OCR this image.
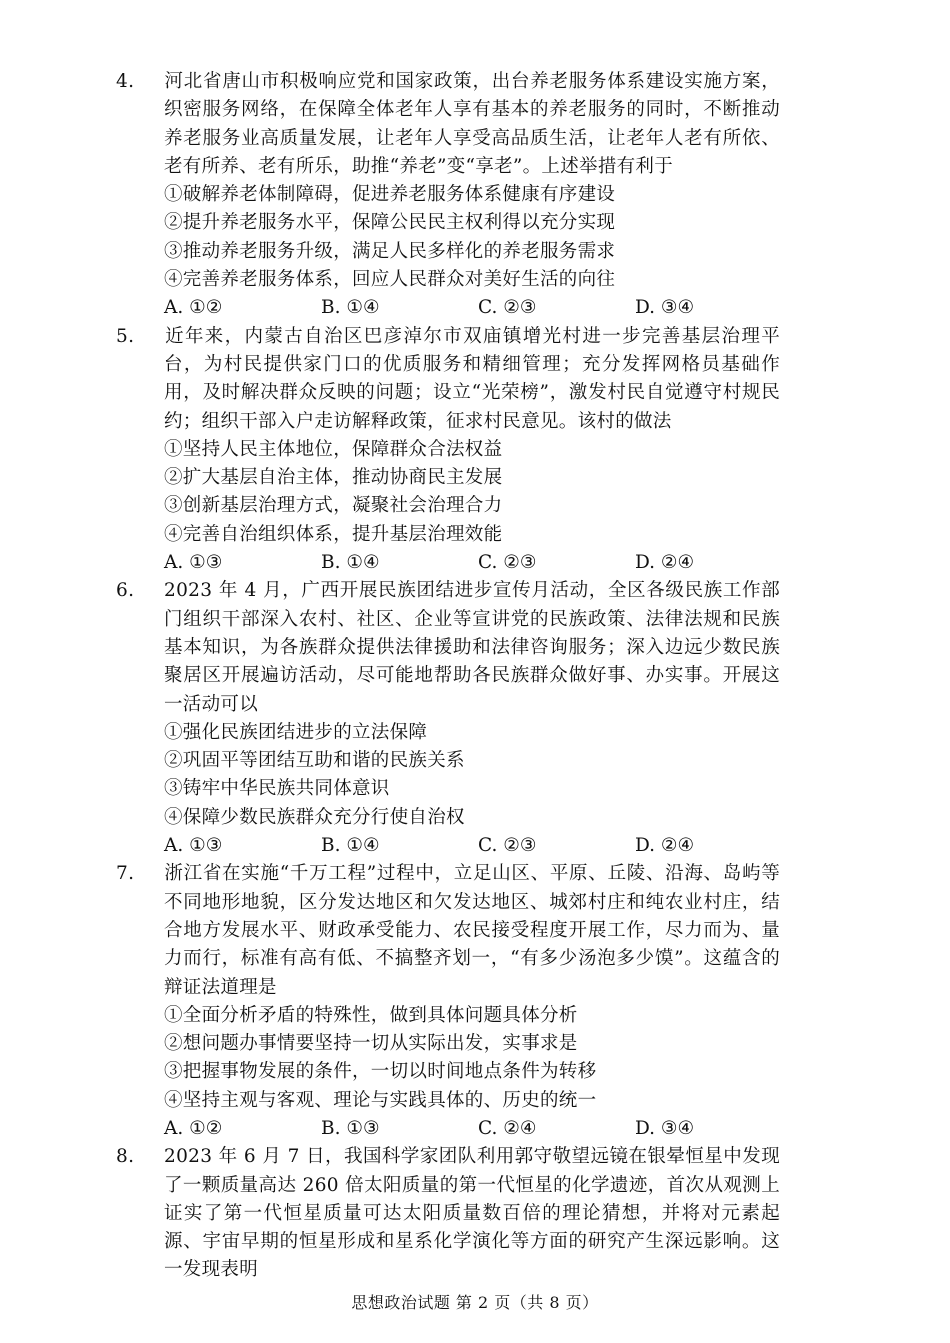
4. 河北省唐山市积极响应党和国家政策，出台养老服务体系建设实施方案，织密服务网络，在保障全体老年人享有基本的养老服务的同时，不断推动养老服务业高质量发展，让老年人享受高品质生活，让老年人老有所依、老有所养、老有所乐，助推“养老”变“享老”。上述举措有利于
①破解养老体制障碍，促进养老服务体系健康有序建设
②提升养老服务水平，保障公民民主权利得以充分实现
③推动养老服务升级，满足人民多样化的养老服务需求
④完善养老服务体系，回应人民群众对美好生活的向往
A. ①②	B. ①④	C. ②③	D. ③④
5. 近年来，内蒙古自治区巴彦淖尔市双庙镇增光村进一步完善基层治理平台，为村民提供家门口的优质服务和精细管理；充分发挥网格员基础作用，及时解决群众反映的问题；设立“光荣榜”，激发村民自觉遵守村规民约；组织干部入户走访解释政策，征求村民意见。该村的做法
①坚持人民主体地位，保障群众合法权益
②扩大基层自治主体，推动协商民主发展
③创新基层治理方式，凝聚社会治理合力
④完善自治组织体系，提升基层治理效能
A. ①③	B. ①④	C. ②③	D. ②④
6. 2023 年 4 月，广西开展民族团结进步宣传月活动，全区各级民族工作部门组织干部深入农村、社区、企业等宣讲党的民族政策、法律法规和民族基本知识，为各族群众提供法律援助和法律咨询服务；深入边远少数民族聚居区开展遍访活动，尽可能地帮助各民族群众做好事、办实事。开展这一活动可以
①强化民族团结进步的立法保障
②巩固平等团结互助和谐的民族关系
③铸牢中华民族共同体意识
④保障少数民族群众充分行使自治权
A. ①③	B. ①④	C. ②③	D. ②④
7. 浙江省在实施“千万工程”过程中，立足山区、平原、丘陵、沿海、岛屿等不同地形地貌，区分发达地区和欠发达地区、城郊村庄和纯农业村庄，结合地方发展水平、财政承受能力、农民接受程度开展工作，尽力而为、量力而行，标准有高有低、不搞整齐划一，“有多少汤泡多少馍”。这蕴含的辩证法道理是
①全面分析矛盾的特殊性，做到具体问题具体分析
②想问题办事情要坚持一切从实际出发，实事求是
③把握事物发展的条件，一切以时间地点条件为转移
④坚持主观与客观、理论与实践具体的、历史的统一
A. ①②	B. ①③	C. ②④	D. ③④
8. 2023 年 6 月 7 日，我国科学家团队利用郭守敬望远镜在银晕恒星中发现了一颗质量高达 260 倍太阳质量的第一代恒星的化学遗迹，首次从观测上证实了第一代恒星质量可达太阳质量数百倍的理论猜想，并将对元素起源、宇宙早期的恒星形成和星系化学演化等方面的研究产生深远影响。这一发现表明
思想政治试题 第 2 页（共 8 页）
